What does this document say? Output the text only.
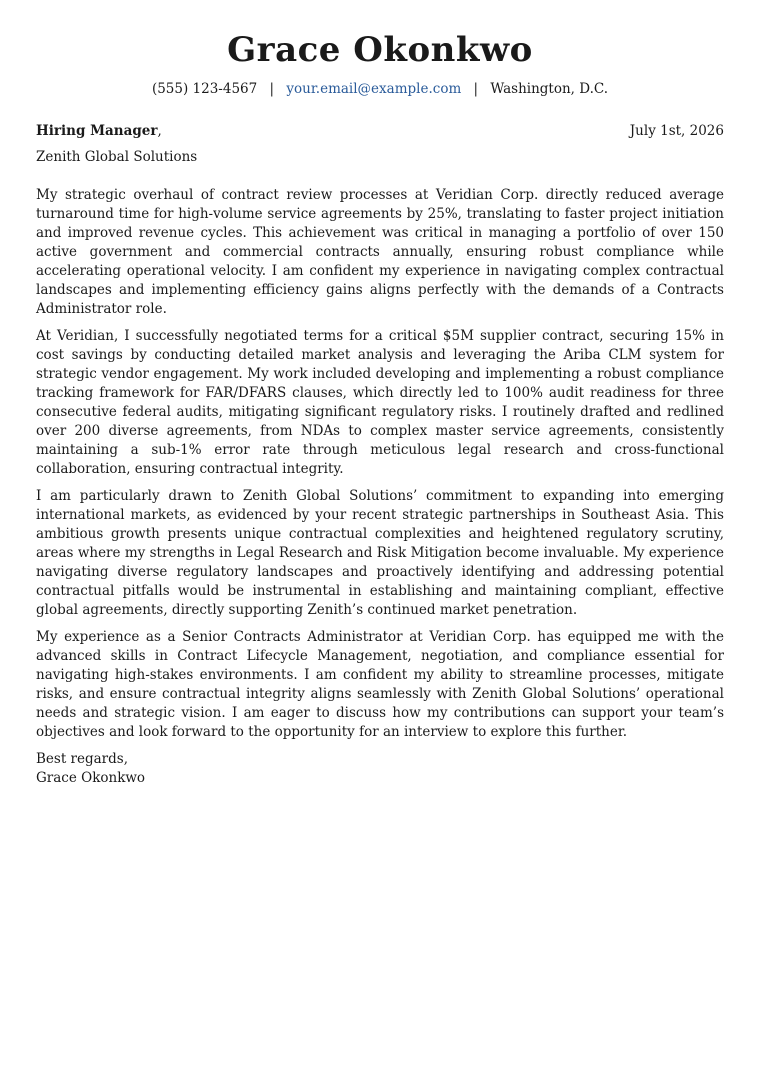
Grace Okonkwo
(555) 123-4567 | your.email@example.com | Washington, D.C.
Hiring Manager,	July 1st, 2026
Zenith Global Solutions

My strategic overhaul of contract review processes at Veridian Corp. directly reduced average turnaround time for high-volume service agreements by 25%, translating to faster project initiation and improved revenue cycles. This achievement was critical in managing a portfolio of over 150 active government and commercial contracts annually, ensuring robust compliance while accelerating operational velocity. I am confident my experience in navigating complex contractual landscapes and implementing efficiency gains aligns perfectly with the demands of a Contracts Administrator role.

At Veridian, I successfully negotiated terms for a critical $5M supplier contract, securing 15% in cost savings by conducting detailed market analysis and leveraging the Ariba CLM system for strategic vendor engagement. My work included developing and implementing a robust compliance tracking framework for FAR/DFARS clauses, which directly led to 100% audit readiness for three consecutive federal audits, mitigating significant regulatory risks. I routinely drafted and redlined over 200 diverse agreements, from NDAs to complex master service agreements, consistently maintaining a sub-1% error rate through meticulous legal research and cross-functional collaboration, ensuring contractual integrity.

I am particularly drawn to Zenith Global Solutions’ commitment to expanding into emerging international markets, as evidenced by your recent strategic partnerships in Southeast Asia. This ambitious growth presents unique contractual complexities and heightened regulatory scrutiny, areas where my strengths in Legal Research and Risk Mitigation become invaluable. My experience navigating diverse regulatory landscapes and proactively identifying and addressing potential contractual pitfalls would be instrumental in establishing and maintaining compliant, effective global agreements, directly supporting Zenith’s continued market penetration.

My experience as a Senior Contracts Administrator at Veridian Corp. has equipped me with the advanced skills in Contract Lifecycle Management, negotiation, and compliance essential for navigating high-stakes environments. I am confident my ability to streamline processes, mitigate risks, and ensure contractual integrity aligns seamlessly with Zenith Global Solutions’ operational needs and strategic vision. I am eager to discuss how my contributions can support your team’s objectives and look forward to the opportunity for an interview to explore this further.

Best regards,
Grace Okonkwo
